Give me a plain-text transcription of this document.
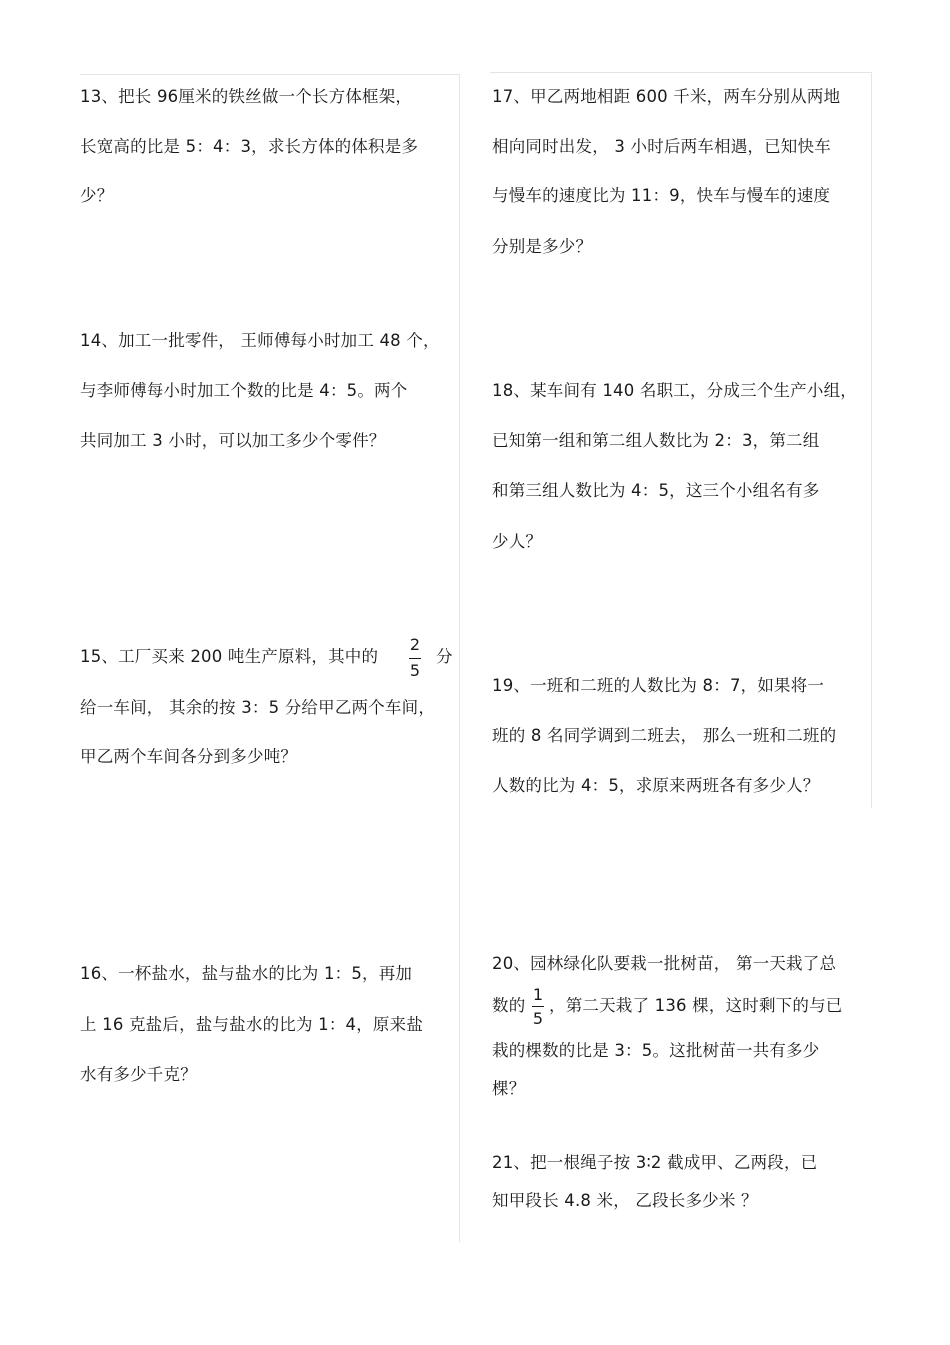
13、把长 96厘米的铁丝做一个长方体框架，
长宽高的比是 5：4：3，求长方体的体积是多
少？
14、加工一批零件， 王师傅每小时加工 48 个，
与李师傅每小时加工个数的比是 4：5。两个
共同加工 3 小时，可以加工多少个零件？
15、工厂买来 200 吨生产原料，其中的
2
5
分
给一车间， 其余的按 3：5 分给甲乙两个车间，
甲乙两个车间各分到多少吨？
16、一杯盐水，盐与盐水的比为 1：5，再加
上 16 克盐后，盐与盐水的比为 1：4，原来盐
水有多少千克？
17、甲乙两地相距 600 千米，两车分别从两地
相向同时出发， 3 小时后两车相遇，已知快车
与慢车的速度比为 11：9，快车与慢车的速度
分别是多少？
18、某车间有 140 名职工，分成三个生产小组，
已知第一组和第二组人数比为 2：3，第二组
和第三组人数比为 4：5，这三个小组名有多
少人？
19、一班和二班的人数比为 8：7，如果将一
班的 8 名同学调到二班去， 那么一班和二班的
人数的比为 4：5，求原来两班各有多少人？
20、园林绿化队要栽一批树苗， 第一天栽了总
数的
1
5
，第二天栽了 136 棵，这时剩下的与已
栽的棵数的比是 3：5。这批树苗一共有多少
棵？
21、把一根绳子按 3∶2 截成甲、乙两段，已
知甲段长 4.8 米， 乙段长多少米 ？
